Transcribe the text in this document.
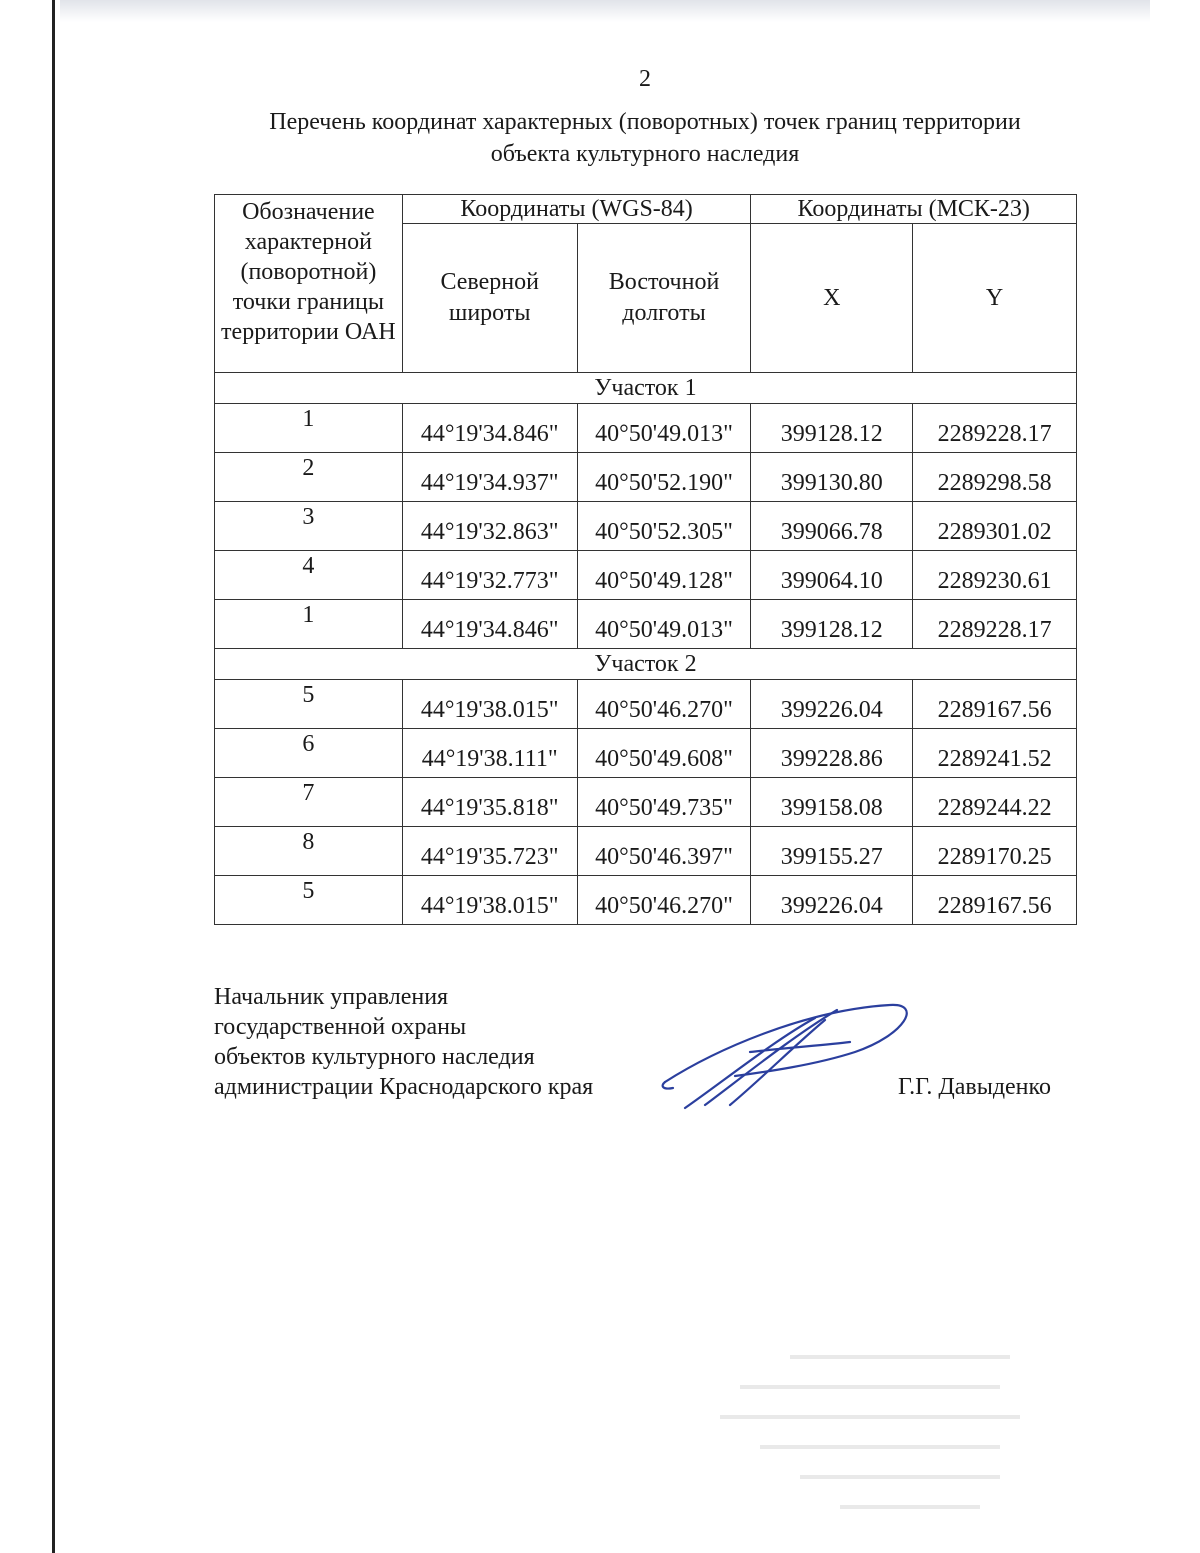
2
Перечень координат характерных (поворотных) точек границ территории
объекта культурного наследия
Обозначение характерной (поворотной) точки границы территории ОАН	Координаты (WGS-84)		Координаты (МСК-23)	
	Северной широты	Восточной долготы	X	Y
Участок 1				
1	44°19'34.846"	40°50'49.013"	399128.12	2289228.17
2	44°19'34.937"	40°50'52.190"	399130.80	2289298.58
3	44°19'32.863"	40°50'52.305"	399066.78	2289301.02
4	44°19'32.773"	40°50'49.128"	399064.10	2289230.61
1	44°19'34.846"	40°50'49.013"	399128.12	2289228.17
Участок 2				
5	44°19'38.015"	40°50'46.270"	399226.04	2289167.56
6	44°19'38.111"	40°50'49.608"	399228.86	2289241.52
7	44°19'35.818"	40°50'49.735"	399158.08	2289244.22
8	44°19'35.723"	40°50'46.397"	399155.27	2289170.25
5	44°19'38.015"	40°50'46.270"	399226.04	2289167.56
Начальник управления
государственной охраны
объектов культурного наследия
администрации Краснодарского края	Г.Г. Давыденко
